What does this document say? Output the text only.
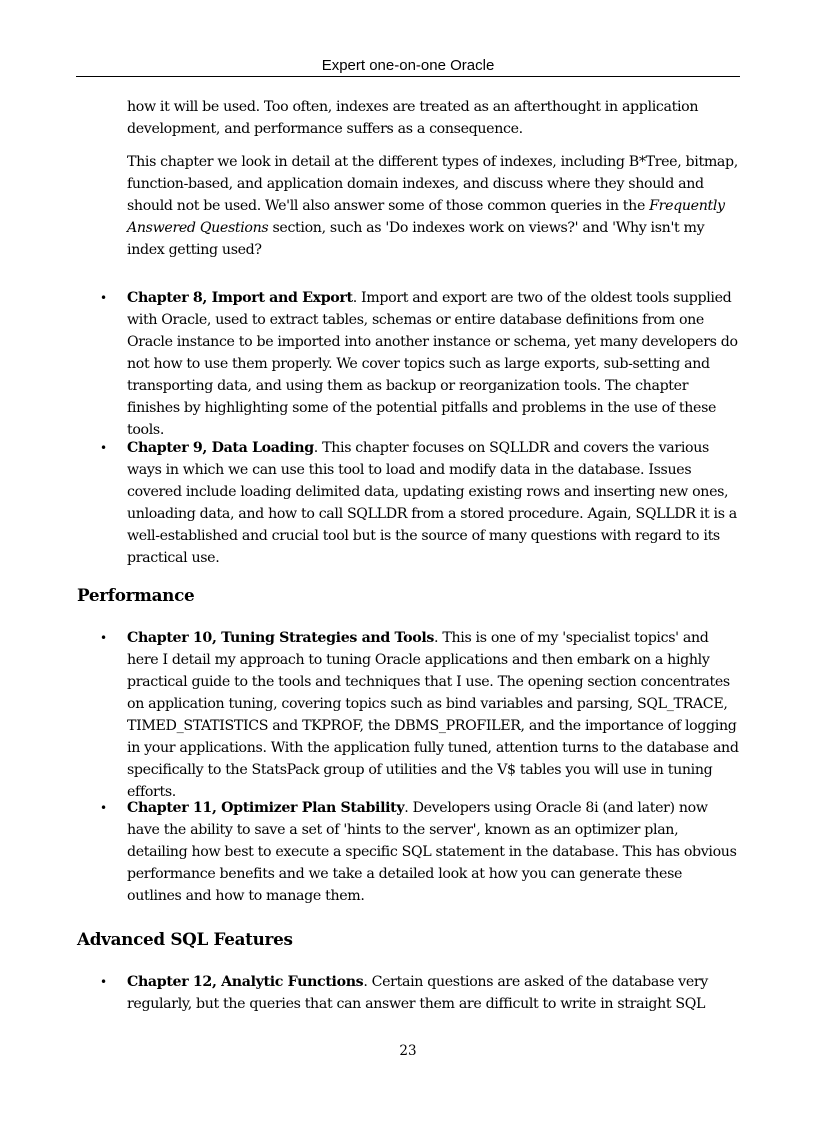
Expert one-on-one Oracle

how it will be used. Too often, indexes are treated as an afterthought in application development, and performance suffers as a consequence.

This chapter we look in detail at the different types of indexes, including B*Tree, bitmap, function-based, and application domain indexes, and discuss where they should and should not be used. We'll also answer some of those common queries in the Frequently Answered Questions section, such as 'Do indexes work on views?' and 'Why isn't my index getting used?

• Chapter 8, Import and Export. Import and export are two of the oldest tools supplied with Oracle, used to extract tables, schemas or entire database definitions from one Oracle instance to be imported into another instance or schema, yet many developers do not how to use them properly. We cover topics such as large exports, sub-setting and transporting data, and using them as backup or reorganization tools. The chapter finishes by highlighting some of the potential pitfalls and problems in the use of these tools.
• Chapter 9, Data Loading. This chapter focuses on SQLLDR and covers the various ways in which we can use this tool to load and modify data in the database. Issues covered include loading delimited data, updating existing rows and inserting new ones, unloading data, and how to call SQLLDR from a stored procedure. Again, SQLLDR it is a well-established and crucial tool but is the source of many questions with regard to its practical use.
Performance
• Chapter 10, Tuning Strategies and Tools. This is one of my 'specialist topics' and here I detail my approach to tuning Oracle applications and then embark on a highly practical guide to the tools and techniques that I use. The opening section concentrates on application tuning, covering topics such as bind variables and parsing, SQL_TRACE, TIMED_STATISTICS and TKPROF, the DBMS_PROFILER, and the importance of logging in your applications. With the application fully tuned, attention turns to the database and specifically to the StatsPack group of utilities and the V$ tables you will use in tuning efforts.
• Chapter 11, Optimizer Plan Stability. Developers using Oracle 8i (and later) now have the ability to save a set of 'hints to the server', known as an optimizer plan, detailing how best to execute a specific SQL statement in the database. This has obvious performance benefits and we take a detailed look at how you can generate these outlines and how to manage them.
Advanced SQL Features
• Chapter 12, Analytic Functions. Certain questions are asked of the database very regularly, but the queries that can answer them are difficult to write in straight SQL
23
